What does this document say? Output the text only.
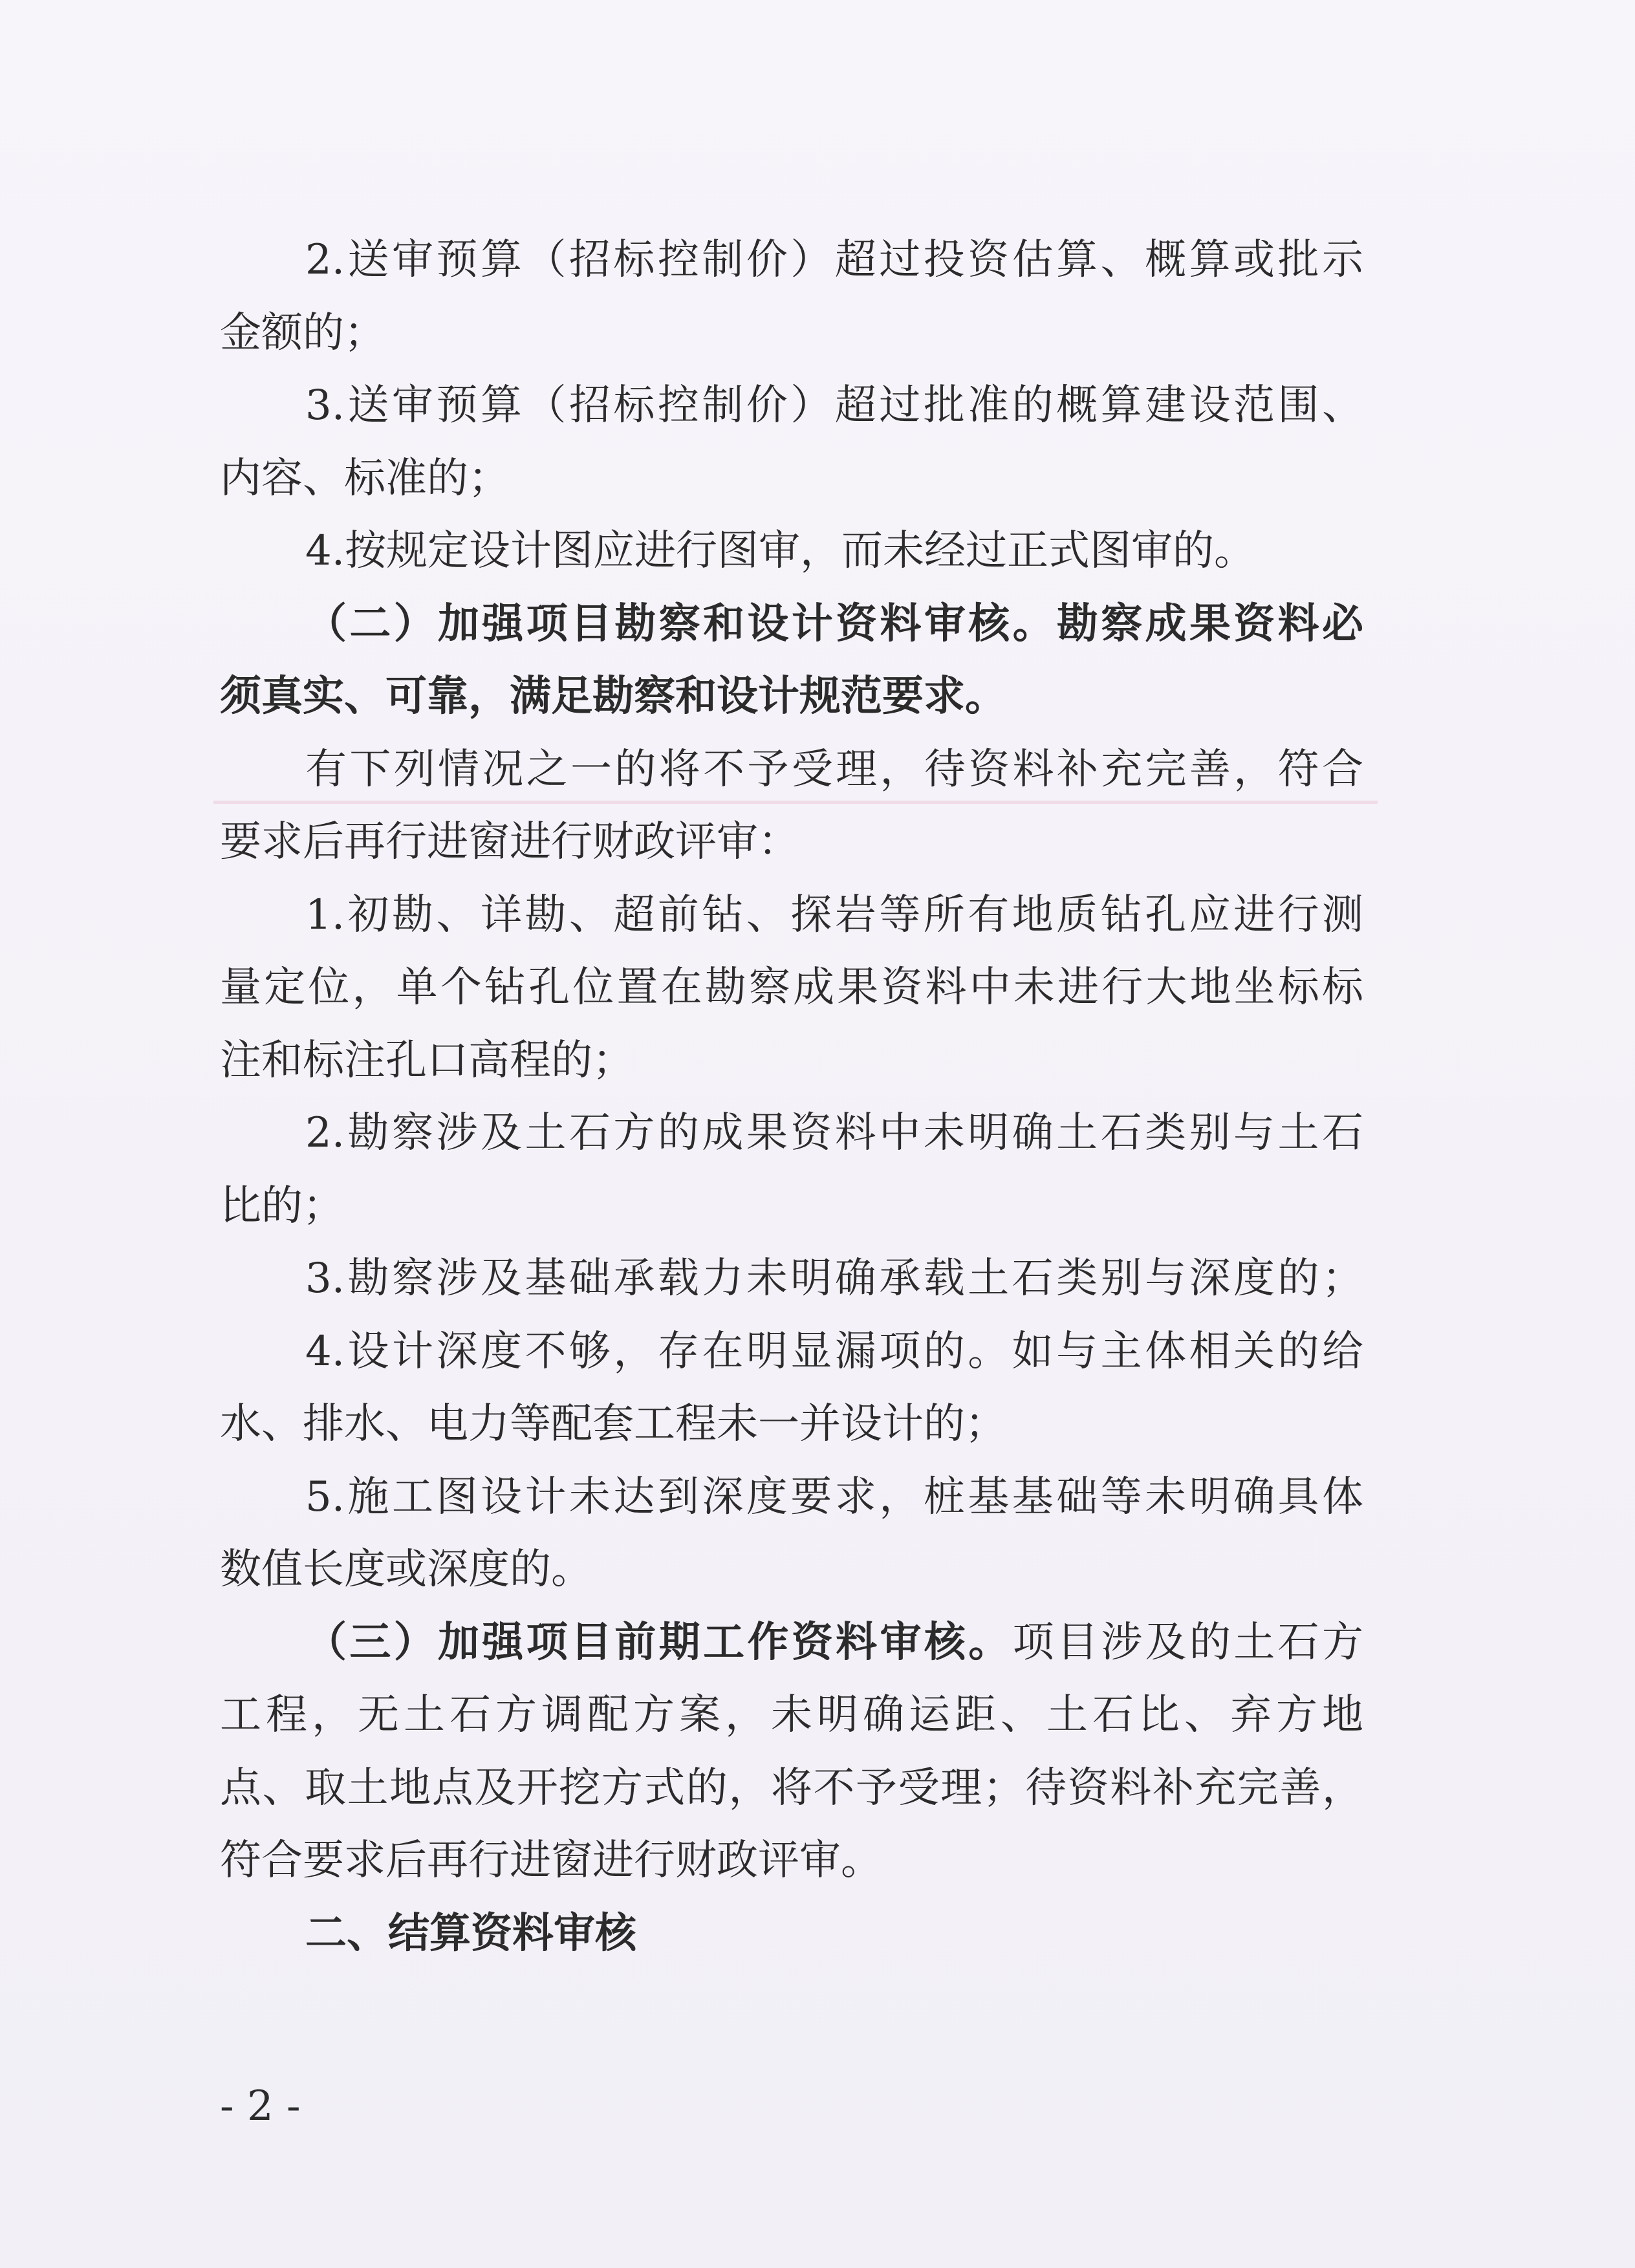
2.送审预算（招标控制价）超过投资估算、概算或批示
金额的；
3.送审预算（招标控制价）超过批准的概算建设范围、
内容、标准的；
4.按规定设计图应进行图审，而未经过正式图审的。
（二）加强项目勘察和设计资料审核。勘察成果资料必
须真实、可靠，满足勘察和设计规范要求。
有下列情况之一的将不予受理，待资料补充完善，符合
要求后再行进窗进行财政评审：
1.初勘、详勘、超前钻、探岩等所有地质钻孔应进行测
量定位，单个钻孔位置在勘察成果资料中未进行大地坐标标
注和标注孔口高程的；
2.勘察涉及土石方的成果资料中未明确土石类别与土石
比的；
3.勘察涉及基础承载力未明确承载土石类别与深度的；
4.设计深度不够，存在明显漏项的。如与主体相关的给
水、排水、电力等配套工程未一并设计的；
5.施工图设计未达到深度要求，桩基基础等未明确具体
数值长度或深度的。
（三）加强项目前期工作资料审核。项目涉及的土石方
工程，无土石方调配方案，未明确运距、土石比、弃方地
点、取土地点及开挖方式的，将不予受理；待资料补充完善，
符合要求后再行进窗进行财政评审。
二、结算资料审核
- 2 -
